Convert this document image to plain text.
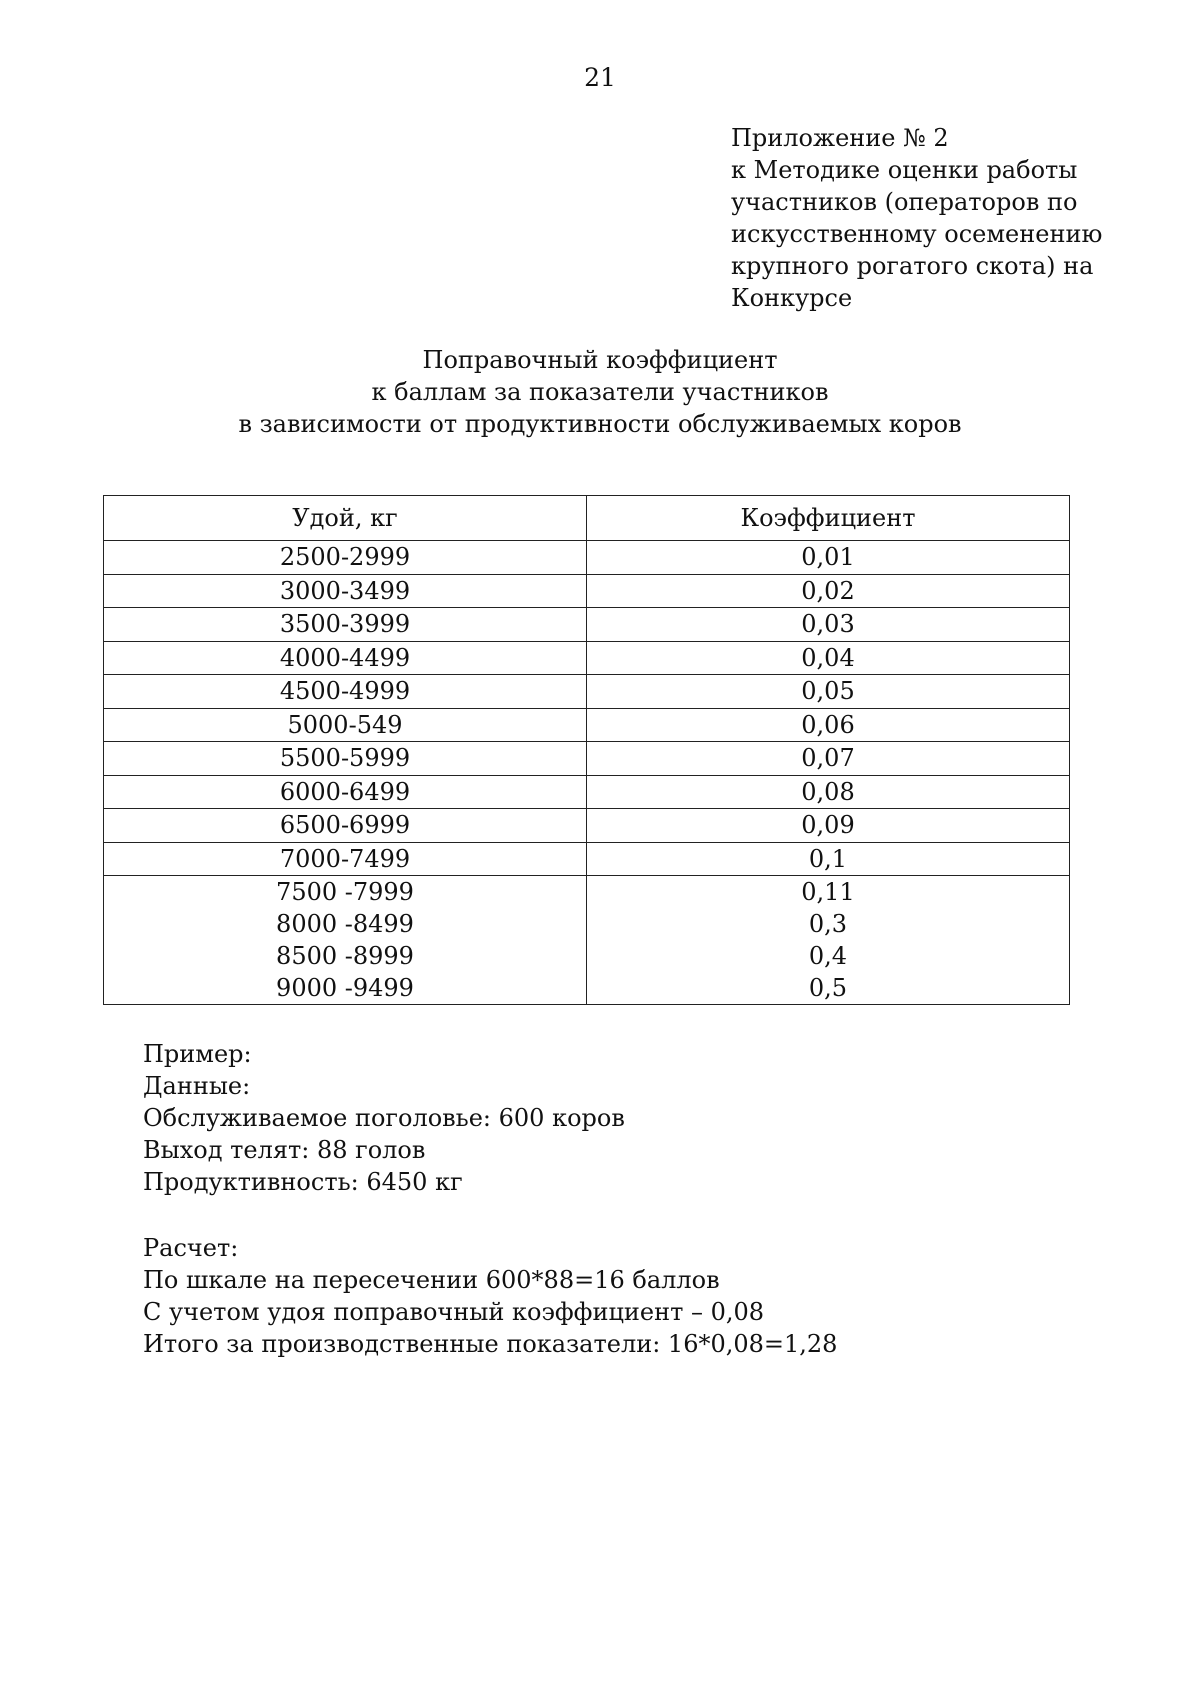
21
Приложение № 2
к Методике оценки работы
участников (операторов по
искусственному осеменению
крупного рогатого скота) на
Конкурсе
Поправочный коэффициент
к баллам за показатели участников
в зависимости от продуктивности обслуживаемых коров
Удой, кг	Коэффициент
2500-2999	0,01
3000-3499	0,02
3500-3999	0,03
4000-4499	0,04
4500-4999	0,05
5000-549	0,06
5500-5999	0,07
6000-6499	0,08
6500-6999	0,09
7000-7499	0,1
7500 -7999	0,11
8000 -8499	0,3
8500 -8999	0,4
9000 -9499	0,5
Пример:
Данные:
Обслуживаемое поголовье: 600 коров
Выход телят: 88 голов
Продуктивность: 6450 кг
Расчет:
По шкале на пересечении 600*88=16 баллов
С учетом удоя поправочный коэффициент – 0,08
Итого за производственные показатели: 16*0,08=1,28
